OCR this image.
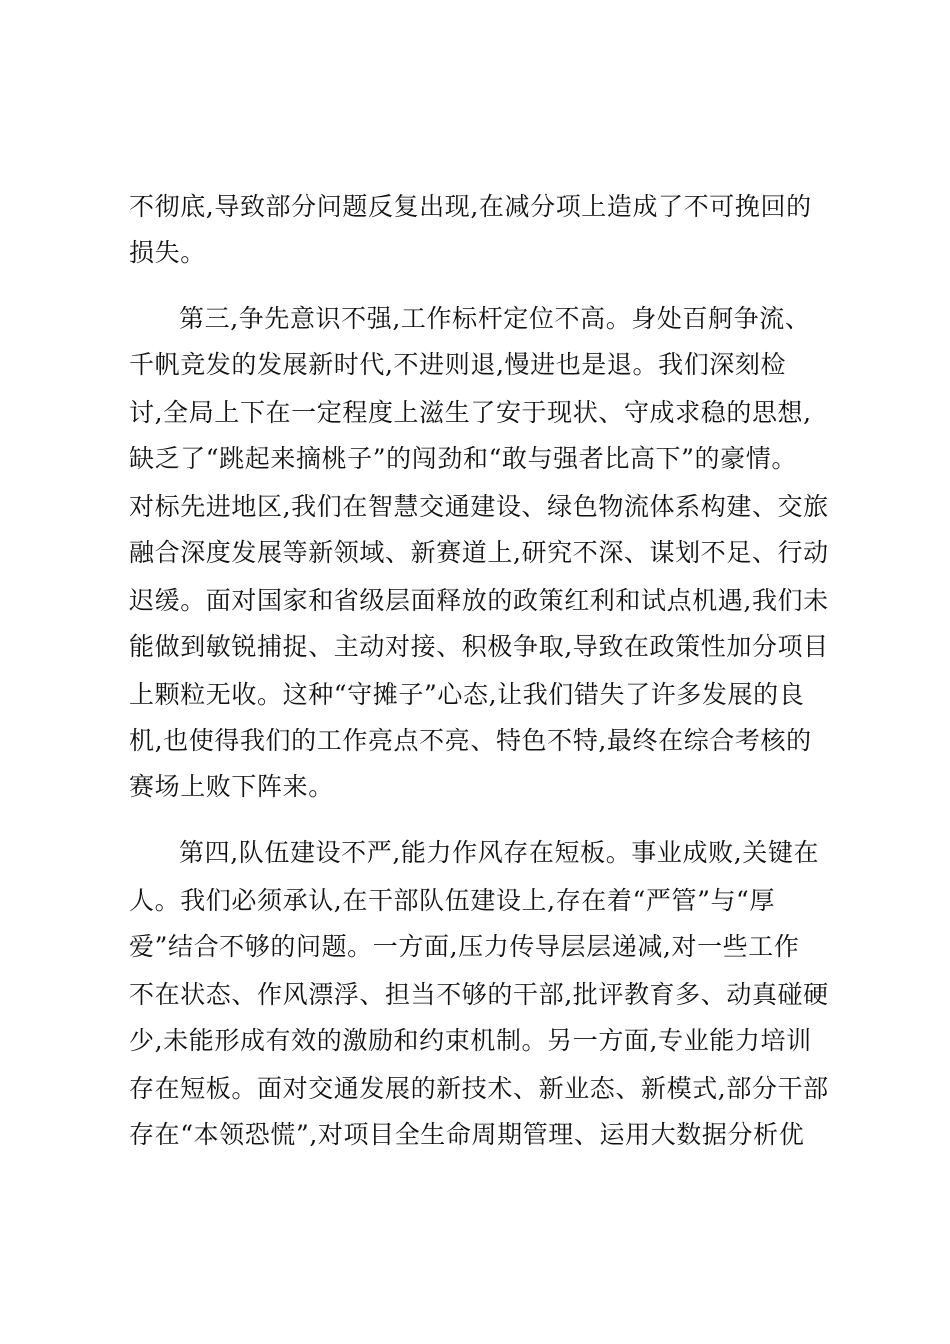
不彻底,导致部分问题反复出现,在减分项上造成了不可挽回的
损失。
第三,争先意识不强,工作标杆定位不高。身处百舸争流、
千帆竞发的发展新时代,不进则退,慢进也是退。我们深刻检
讨,全局上下在一定程度上滋生了安于现状、守成求稳的思想,
缺乏了“跳起来摘桃子”的闯劲和“敢与强者比高下”的豪情。
对标先进地区,我们在智慧交通建设、绿色物流体系构建、交旅
融合深度发展等新领域、新赛道上,研究不深、谋划不足、行动
迟缓。面对国家和省级层面释放的政策红利和试点机遇,我们未
能做到敏锐捕捉、主动对接、积极争取,导致在政策性加分项目
上颗粒无收。这种“守摊子”心态,让我们错失了许多发展的良
机,也使得我们的工作亮点不亮、特色不特,最终在综合考核的
赛场上败下阵来。
第四,队伍建设不严,能力作风存在短板。事业成败,关键在
人。我们必须承认,在干部队伍建设上,存在着“严管”与“厚
爱”结合不够的问题。一方面,压力传导层层递减,对一些工作
不在状态、作风漂浮、担当不够的干部,批评教育多、动真碰硬
少,未能形成有效的激励和约束机制。另一方面,专业能力培训
存在短板。面对交通发展的新技术、新业态、新模式,部分干部
存在“本领恐慌”,对项目全生命周期管理、运用大数据分析优
